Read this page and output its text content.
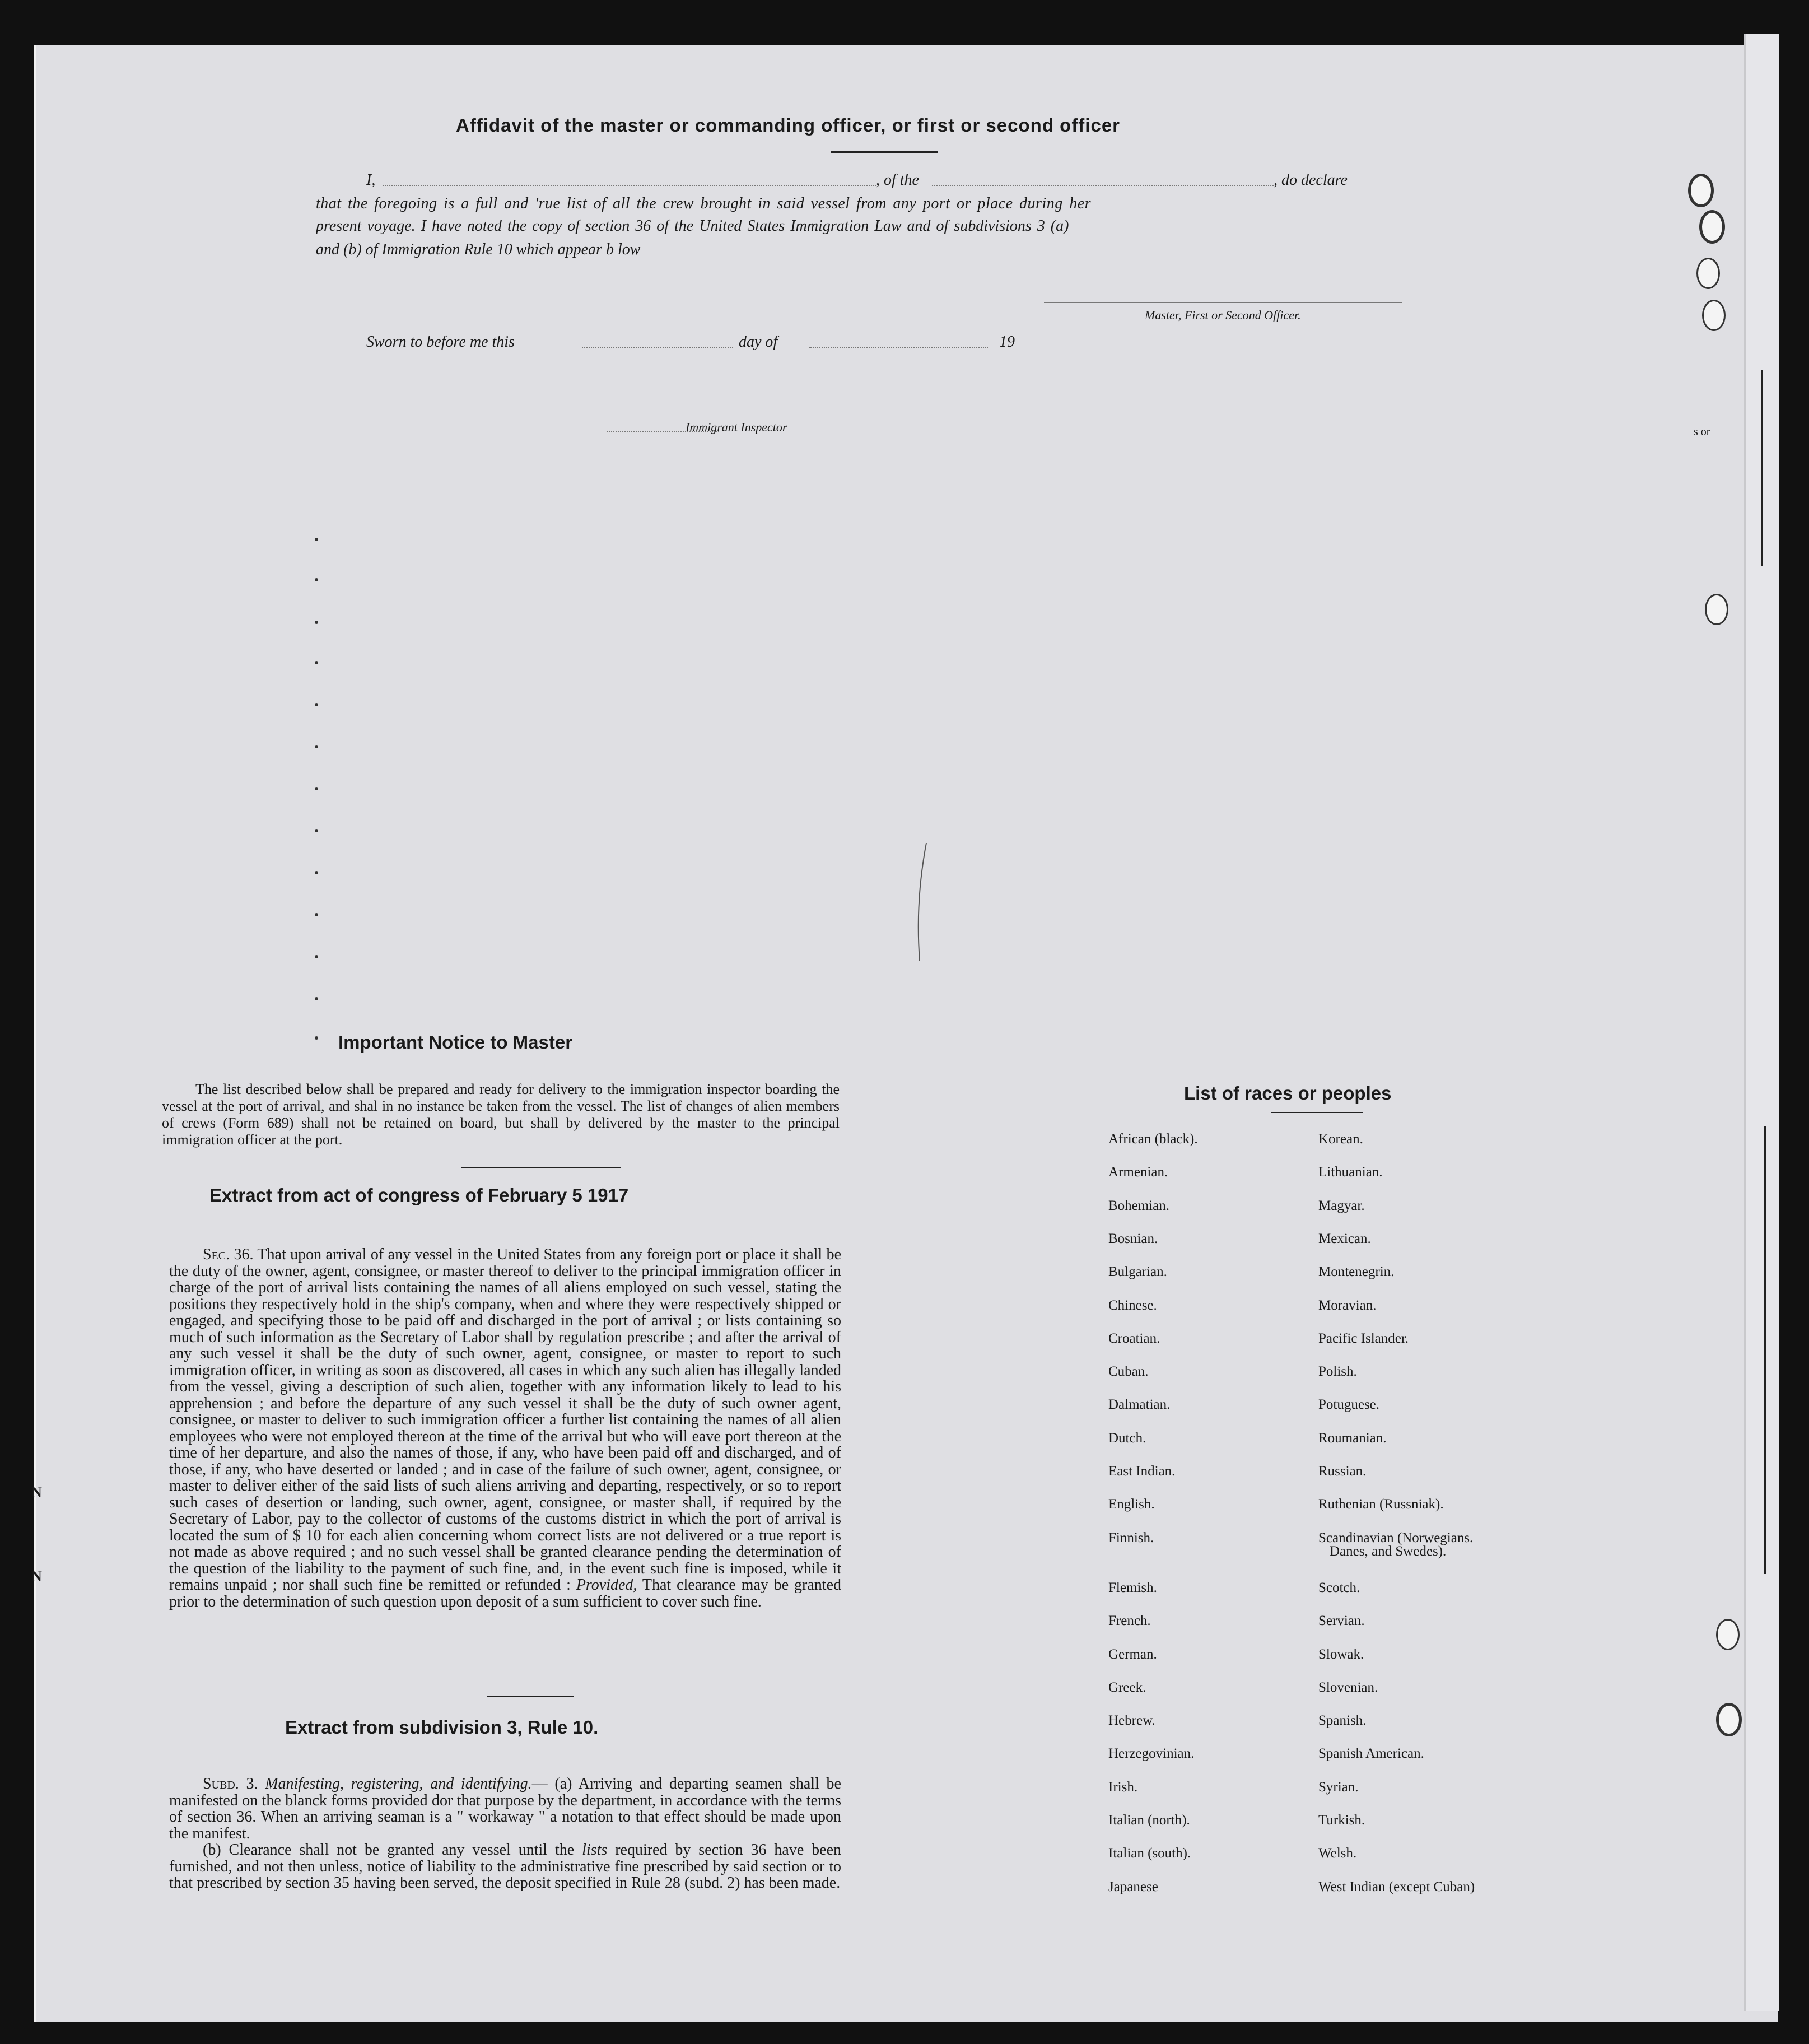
s or
Affidavit of the master or commanding officer, or first or second officer
I,	, of the	, do declare
that the foregoing is a full and 'rue list of all the crew brought in said vessel from any port or place during her
present voyage. I have noted the copy of section 36 of the United States Immigration Law and of subdivisions 3 (a)
and (b) of Immigration Rule 10 which appear b low
Master, First or Second Officer.
Sworn to before me this	day of	19
Immigrant Inspector
Important Notice to Master

The list described below shall be prepared and ready for delivery to the immigration inspector boarding the vessel at the port of arrival, and shal in no instance be taken from the vessel. The list of changes of alien members of crews (Form 689) shall not be retained on board, but shall by delivered by the master to the principal immigration officer at the port.

Extract from act of congress of February 5 1917

Sec. 36. That upon arrival of any vessel in the United States from any foreign port or place it shall be the duty of the owner, agent, consignee, or master thereof to deliver to the principal immigration officer in charge of the port of arrival lists containing the names of all aliens employed on such vessel, stating the positions they respectively hold in the ship's company, when and where they were respectively shipped or engaged, and specifying those to be paid off and discharged in the port of arrival ; or lists containing so much of such information as the Secretary of Labor shall by regulation prescribe ; and after the arrival of any such vessel it shall be the duty of such owner, agent, consignee, or master to report to such immigration officer, in writing as soon as discovered, all cases in which any such alien has illegally landed from the vessel, giving a description of such alien, together with any information likely to lead to his apprehension ; and before the departure of any such vessel it shall be the duty of such owner agent, consignee, or master to deliver to such immigration officer a further list containing the names of all alien employees who were not employed thereon at the time of the arrival but who will eave port thereon at the time of her departure, and also the names of those, if any, who have been paid off and discharged, and of those, if any, who have deserted or landed ; and in case of the failure of such owner, agent, consignee, or master to deliver either of the said lists of such aliens arriving and departing, respectively, or so to report such cases of desertion or landing, such owner, agent, consignee, or master shall, if required by the Secretary of Labor, pay to the collector of customs of the customs district in which the port of arrival is located the sum of $ 10 for each alien concerning whom correct lists are not delivered or a true report is not made as above required ; and no such vessel shall be granted clearance pending the determination of the question of the liability to the payment of such fine, and, in the event such fine is imposed, while it remains unpaid ; nor shall such fine be remitted or refunded : Provided, That clearance may be granted prior to the determination of such question upon deposit of a sum sufficient to cover such fine.

Extract from subdivision 3, Rule 10.

Subd. 3. Manifesting, registering, and identifying.— (a) Arriving and departing seamen shall be manifested on the blanck forms provided dor that purpose by the department, in accordance with the terms of section 36. When an arriving seaman is a " workaway " a notation to that effect should be made upon the manifest.

(b) Clearance shall not be granted any vessel until the lists required by section 36 have been furnished, and not then unless, notice of liability to the administrative fine prescribed by said section or to that prescribed by section 35 having been served, the deposit specified in Rule 28 (subd. 2) has been made.

List of races or peoples
African (black).
Armenian.
Bohemian.
Bosnian.
Bulgarian.
Chinese.
Croatian.
Cuban.
Dalmatian.
Dutch.
East Indian.
English.
Finnish.
Flemish.
French.
German.
Greek.
Hebrew.
Herzegovinian.
Irish.
Italian (north).
Italian (south).
Japanese
Korean.
Lithuanian.
Magyar.
Mexican.
Montenegrin.
Moravian.
Pacific Islander.
Polish.
Potuguese.
Roumanian.
Russian.
Ruthenian (Russniak).
Scandinavian (Norwegians.
Danes, and Swedes).
Scotch.
Servian.
Slowak.
Slovenian.
Spanish.
Spanish American.
Syrian.
Turkish.
Welsh.
West Indian (except Cuban)
N
N
